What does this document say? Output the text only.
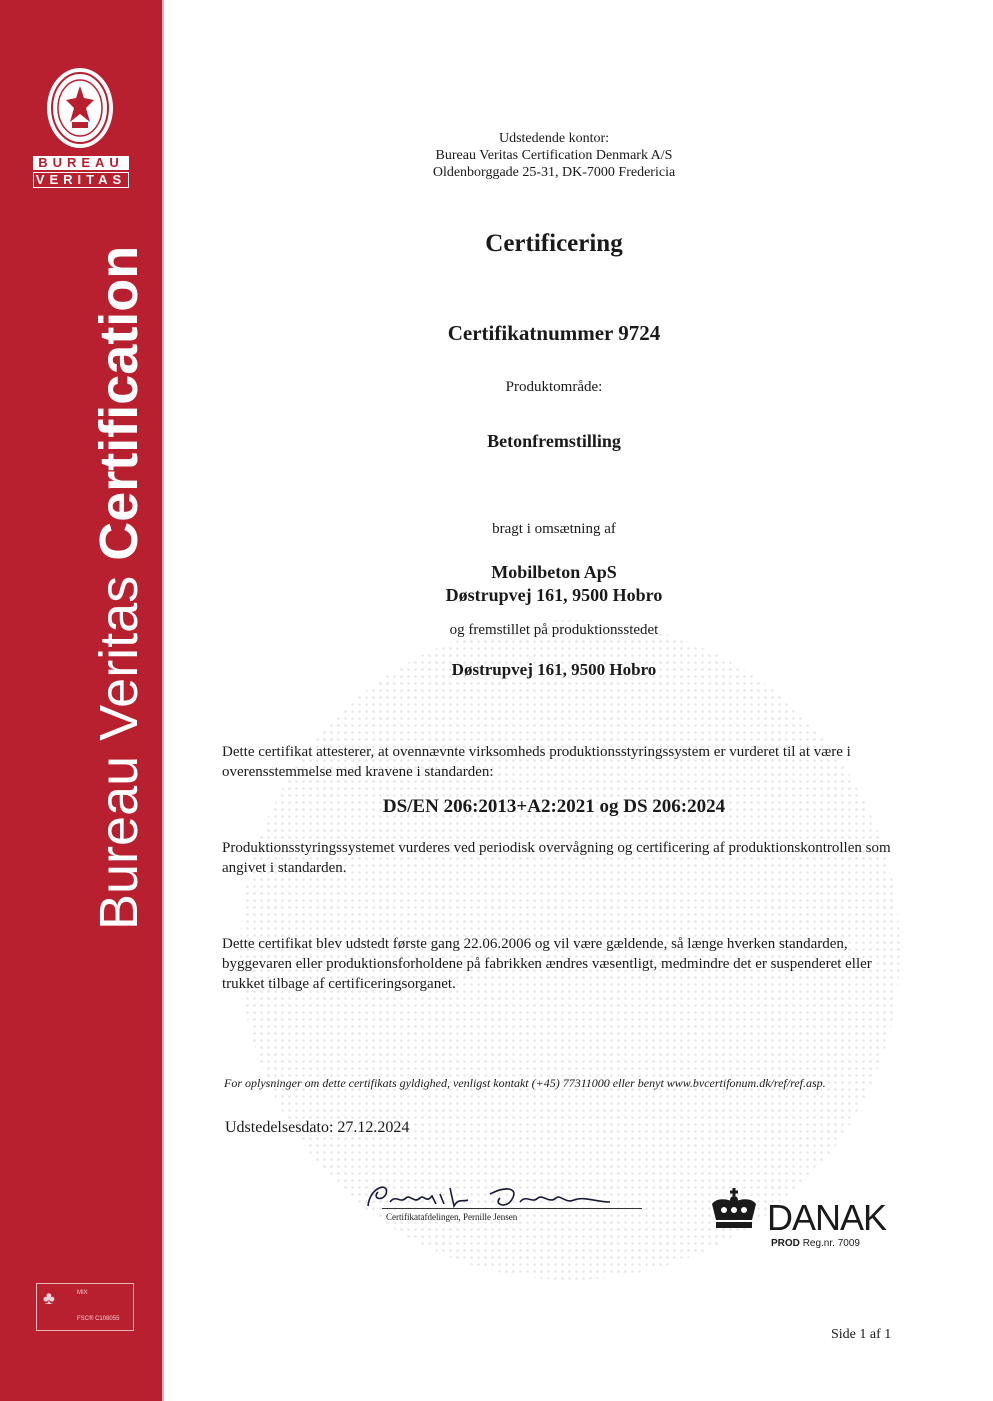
BUREAU
VERITAS
Bureau Veritas Certification
♣	MIX
FSC® C108055
Udstedende kontor:
Bureau Veritas Certification Denmark A/S
Oldenborggade 25-31, DK-7000 Fredericia
Certificering
Certifikatnummer 9724
Produktområde:
Betonfremstilling
bragt i omsætning af
Mobilbeton ApS
Døstrupvej 161, 9500 Hobro
og fremstillet på produktionsstedet
Døstrupvej 161, 9500 Hobro
Dette certifikat attesterer, at ovennævnte virksomheds produktionsstyringssystem er vurderet til at være i overensstemmelse med kravene i standarden:
DS/EN 206:2013+A2:2021 og DS 206:2024
Produktionsstyringssystemet vurderes ved periodisk overvågning og certificering af produktionskontrollen som angivet i standarden.
Dette certifikat blev udstedt første gang 22.06.2006 og vil være gældende, så længe hverken standarden, byggevaren eller produktionsforholdene på fabrikken ændres væsentligt, medmindre det er suspenderet eller trukket tilbage af certificeringsorganet.
For oplysninger om dette certifikats gyldighed, venligst kontakt (+45) 77311000 eller benyt www.bvcertifonum.dk/ref/ref.asp.
Udstedelsesdato: 27.12.2024
Certifikatafdelingen, Pernille Jensen	DANAK
PROD Reg.nr. 7009
Side 1 af 1
